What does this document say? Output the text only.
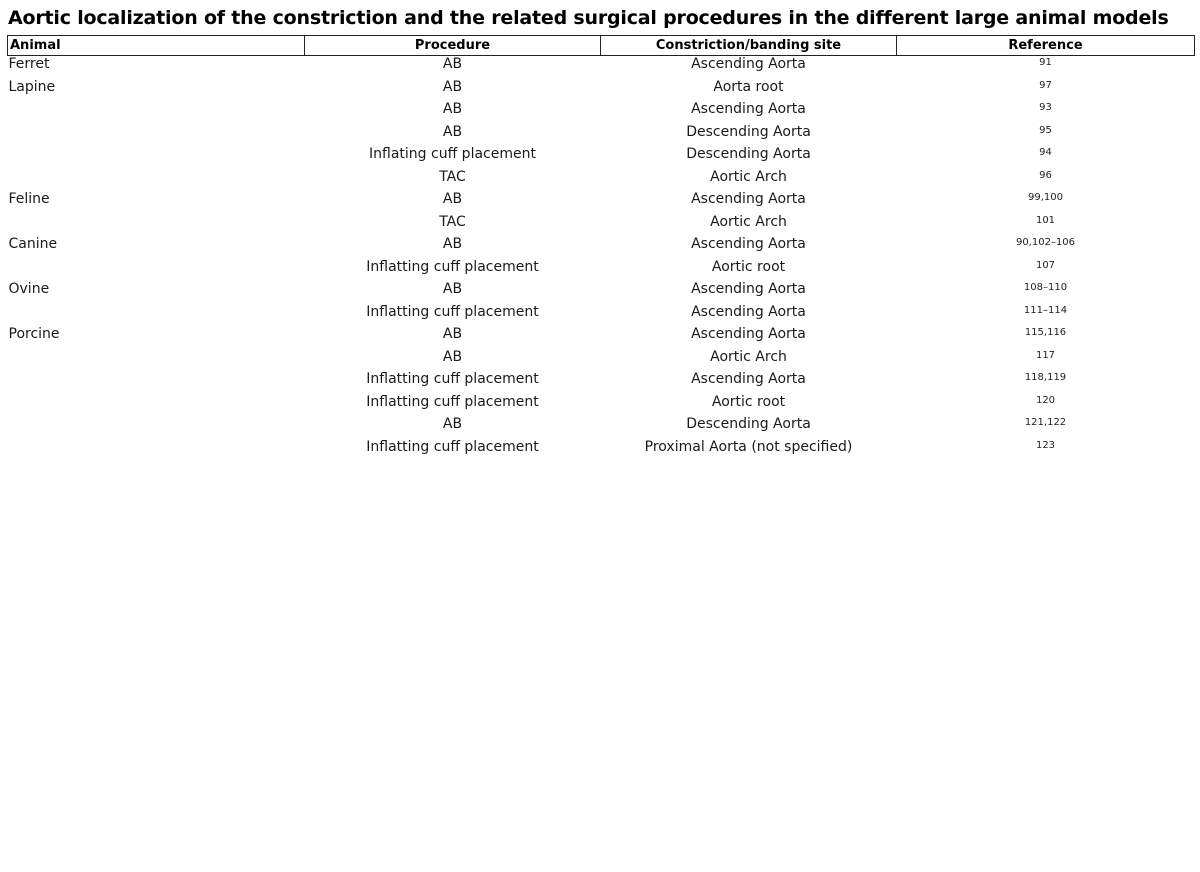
Aortic localization of the constriction and the related surgical procedures in the different large animal models
Animal	Procedure	Constriction/banding site	Reference
Ferret	AB	Ascending Aorta	91
Lapine	AB	Aorta root	97
	AB	Ascending Aorta	93
	AB	Descending Aorta	95
	Inflating cuff placement	Descending Aorta	94
	TAC	Aortic Arch	96
Feline	AB	Ascending Aorta	99,100
	TAC	Aortic Arch	101
Canine	AB	Ascending Aorta	90,102–106
	Inflatting cuff placement	Aortic root	107
Ovine	AB	Ascending Aorta	108–110
	Inflatting cuff placement	Ascending Aorta	111–114
Porcine	AB	Ascending Aorta	115,116
	AB	Aortic Arch	117
	Inflatting cuff placement	Ascending Aorta	118,119
	Inflatting cuff placement	Aortic root	120
	AB	Descending Aorta	121,122
	Inflatting cuff placement	Proximal Aorta (not specified)	123
